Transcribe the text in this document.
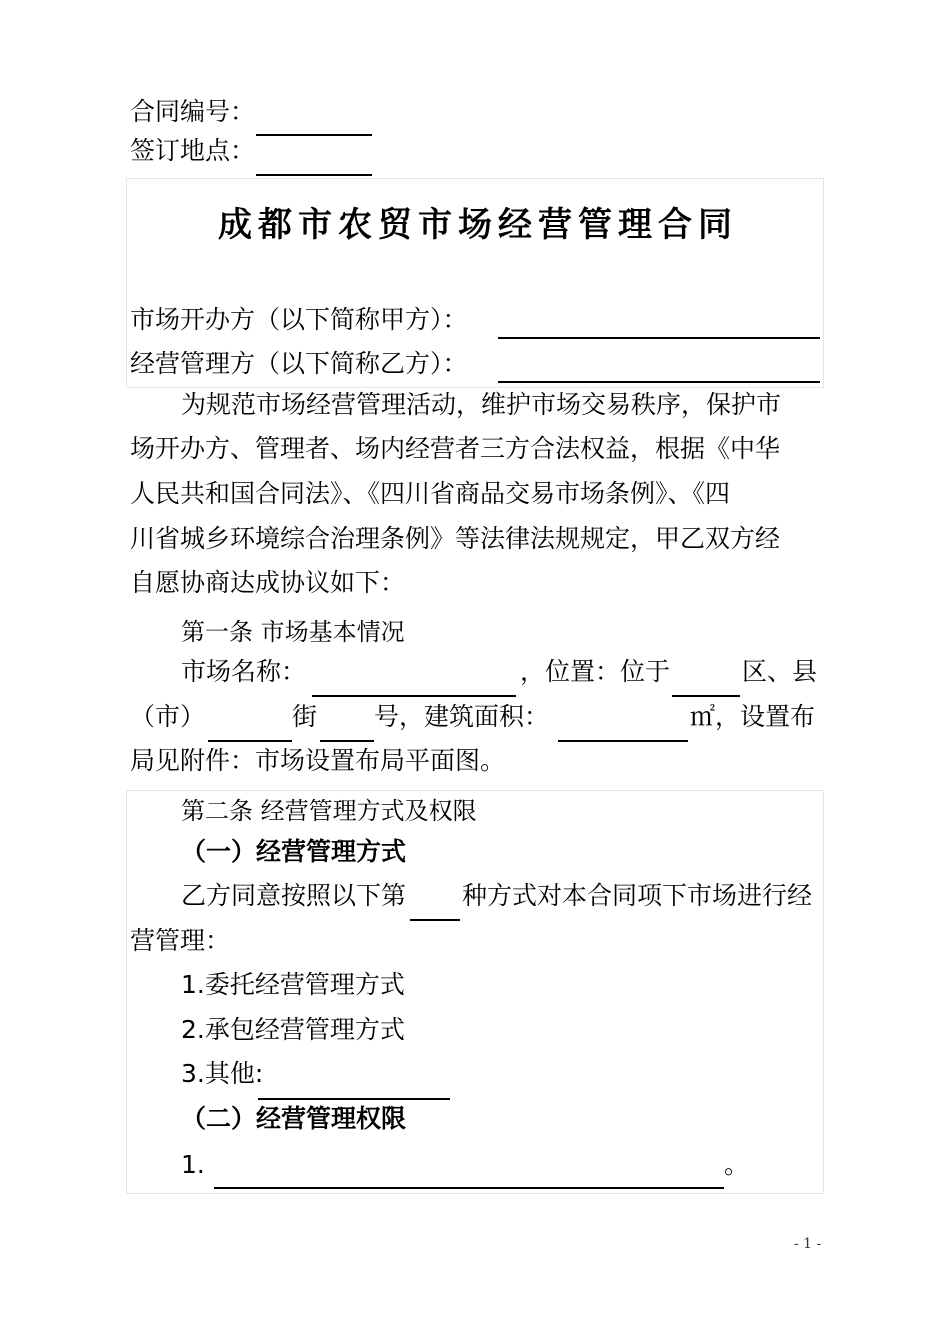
合同编号：
签订地点：
成都市农贸市场经营管理合同
市场开办方（以下简称甲方）：
经营管理方（以下简称乙方）：
为规范市场经营管理活动，维护市场交易秩序，保护市
场开办方、管理者、场内经营者三方合法权益，根据《中华
人民共和国合同法》、《四川省商品交易市场条例》、《四
川省城乡环境综合治理条例》等法律法规规定，甲乙双方经
自愿协商达成协议如下：
第一条 市场基本情况
市场名称：	，位置：位于	区、县
（市）	街 号，建筑面积：	㎡，设置布
局见附件：市场设置布局平面图。
第二条 经营管理方式及权限
（一）经营管理方式
乙方同意按照以下第 种方式对本合同项下市场进行经
营管理：
1.委托经营管理方式
2.承包经营管理方式
3.其他:
（二）经营管理权限
1.	。
- 1 -
